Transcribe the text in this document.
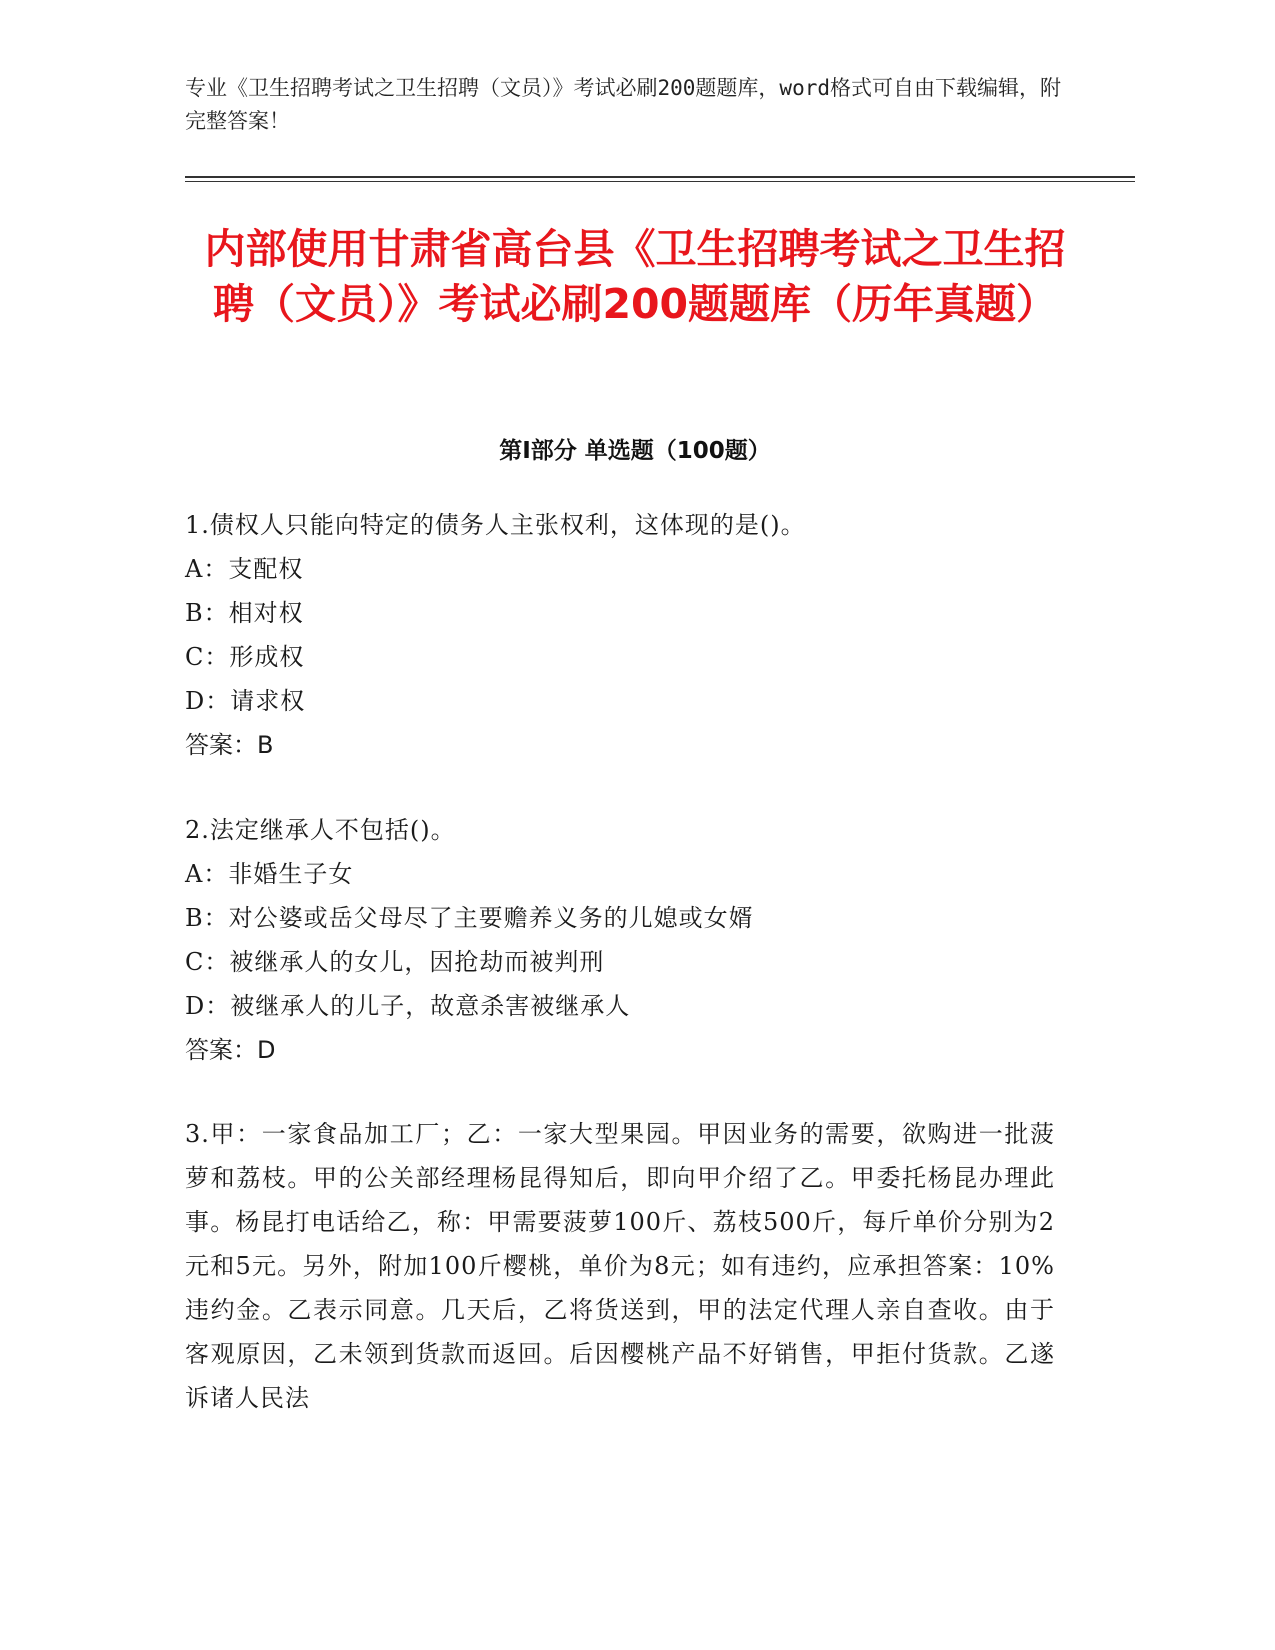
专业《卫生招聘考试之卫生招聘（文员）》考试必刷200题题库，word格式可自由下载编辑，附完整答案！
内部使用甘肃省高台县《卫生招聘考试之卫生招聘（文员）》考试必刷200题题库（历年真题）
第Ⅰ部分 单选题（100题）
1.债权人只能向特定的债务人主张权利，这体现的是()。
A：支配权
B：相对权
C：形成权
D：请求权
答案：B
2.法定继承人不包括()。
A：非婚生子女
B：对公婆或岳父母尽了主要赡养义务的儿媳或女婿
C：被继承人的女儿，因抢劫而被判刑
D：被继承人的儿子，故意杀害被继承人
答案：D
3.甲：一家食品加工厂；乙：一家大型果园。甲因业务的需要，欲购进一批菠萝和荔枝。甲的公关部经理杨昆得知后，即向甲介绍了乙。甲委托杨昆办理此事。杨昆打电话给乙，称：甲需要菠萝100斤、荔枝500斤，每斤单价分别为2元和5元。另外，附加100斤樱桃，单价为8元；如有违约，应承担答案：10%违约金。乙表示同意。几天后，乙将货送到，甲的法定代理人亲自查收。由于客观原因，乙未领到货款而返回。后因樱桃产品不好销售，甲拒付货款。乙遂诉诸人民法
